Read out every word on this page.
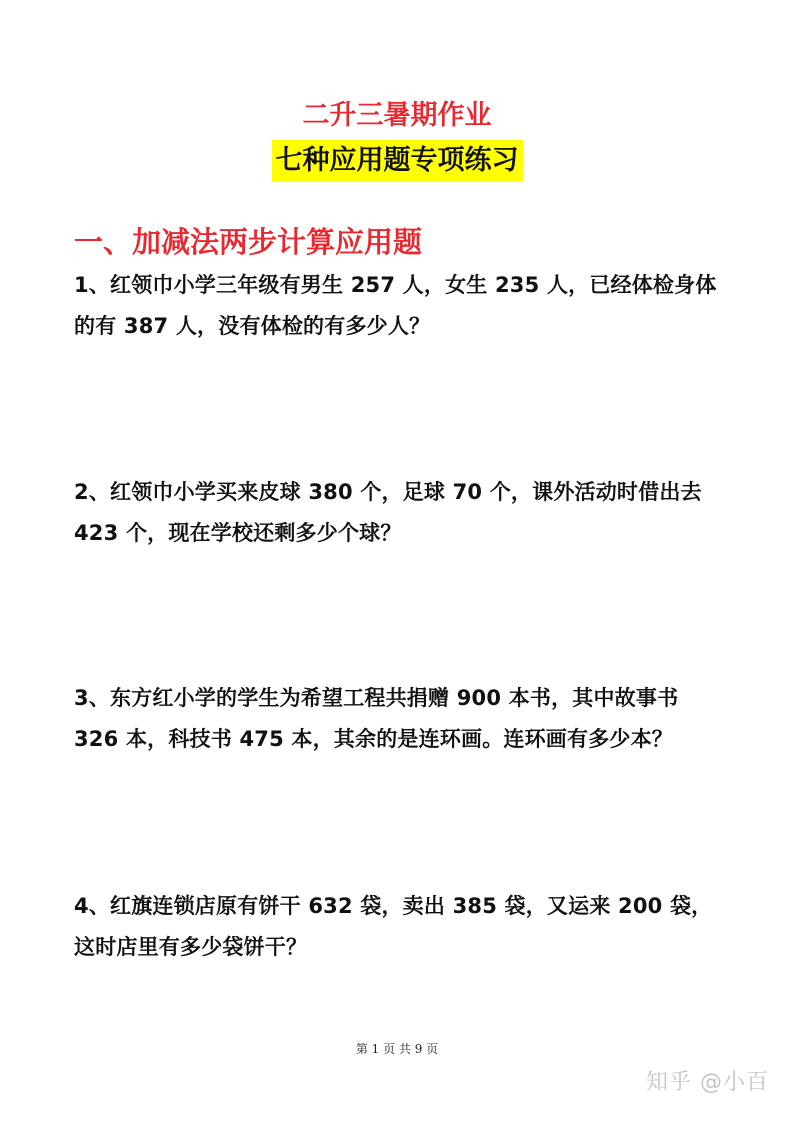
二升三暑期作业
七种应用题专项练习
一、加减法两步计算应用题

1、红领巾小学三年级有男生 257 人，女生 235 人，已经体检身体的有 387 人，没有体检的有多少人？

2、红领巾小学买来皮球 380 个，足球 70 个，课外活动时借出去 423 个，现在学校还剩多少个球？

3、东方红小学的学生为希望工程共捐赠 900 本书，其中故事书 326 本，科技书 475 本，其余的是连环画。连环画有多少本？

4、红旗连锁店原有饼干 632 袋，卖出 385 袋，又运来 200 袋，这时店里有多少袋饼干？

第 1 页 共 9 页
知乎 @小百
